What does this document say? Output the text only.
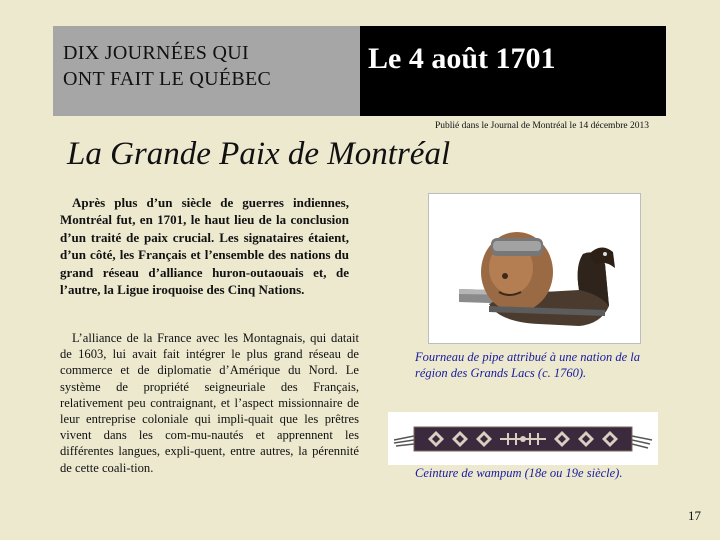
DIX JOURNÉES QUI
ONT FAIT LE QUÉBEC
Le 4 août 1701
Publié dans le Journal de Montréal le 14 décembre 2013
La Grande Paix de Montréal

Après plus d’un siècle de guerres indiennes, Montréal fut, en 1701, le haut lieu de la conclusion d’un traité de paix crucial. Les signataires étaient, d’un côté, les Français et l’ensemble des nations du grand réseau d’alliance huron-outaouais et, de l’autre, la Ligue iroquoise des Cinq Nations.

L’alliance de la France avec les Montagnais, qui datait de 1603, lui avait fait intégrer le plus grand réseau de commerce et de diplomatie d’Amérique du Nord. Le système de propriété seigneuriale des Français, relativement peu contraignant, et l’aspect missionnaire de leur entreprise coloniale qui impli-quait que les prêtres vivent dans les com-mu-nautés et apprennent les différentes langues, expli-quent, entre autres, la pérennité de cette coali-tion.

Fourneau de pipe attribué à une nation de la région des Grands Lacs (c. 1760).
Ceinture de wampum (18e ou 19e siècle).
17
